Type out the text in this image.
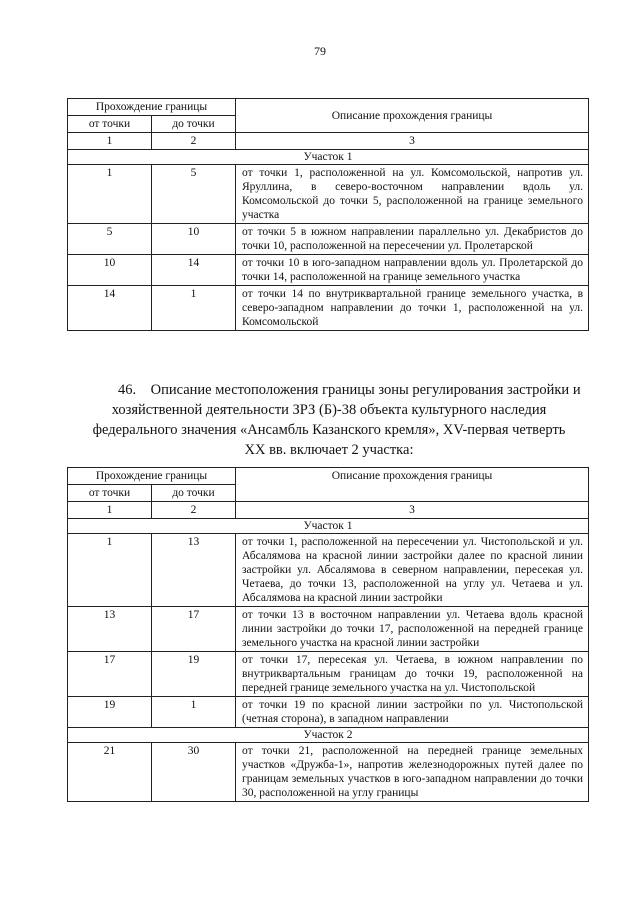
79
Прохождение границы		Описание прохождения границы
от точки	до точки	
1	2	3
Участок 1		
1	5	от точки 1, расположенной на ул. Комсомольской, напротив ул. Яруллина, в северо-восточном направлении вдоль ул. Комсомольской до точки 5, расположенной на границе земельного участка
5	10	от точки 5 в южном направлении параллельно ул. Декабристов до точки 10, расположенной на пересечении ул. Пролетарской
10	14	от точки 10 в юго-западном направлении вдоль ул. Пролетарской до точки 14, расположенной на границе земельного участка
14	1	от точки 14 по внутриквартальной границе земельного участка, в северо-западном направлении до точки 1, расположенной на ул. Комсомольской
46.    Описание местоположения границы зоны регулирования застройки и
хозяйственной деятельности ЗРЗ (Б)-38 объекта культурного наследия
федерального значения «Ансамбль Казанского кремля», XV-первая четверть
XX вв. включает 2 участка:
Прохождение границы		Описание прохождения границы
от точки	до точки	
1	2	3
Участок 1		
1	13	от точки 1, расположенной на пересечении ул. Чистопольской и ул. Абсалямова на красной линии застройки далее по красной линии застройки ул. Абсалямова в северном направлении, пересекая ул. Четаева, до точки 13, расположенной на углу ул. Четаева и ул. Абсалямова на красной линии застройки
13	17	от точки 13 в восточном направлении ул. Четаева вдоль красной линии застройки до точки 17, расположенной на передней границе земельного участка на красной линии застройки
17	19	от точки 17, пересекая ул. Четаева, в южном направлении по внутриквартальным границам до точки 19, расположенной на передней границе земельного участка на ул. Чистопольской
19	1	от точки 19 по красной линии застройки по ул. Чистопольской (четная сторона), в западном направлении
Участок 2		
21	30	от точки 21, расположенной на передней границе земельных участков «Дружба-1», напротив железнодорожных путей далее по границам земельных участков в юго-западном направлении до точки 30, расположенной на углу границы
